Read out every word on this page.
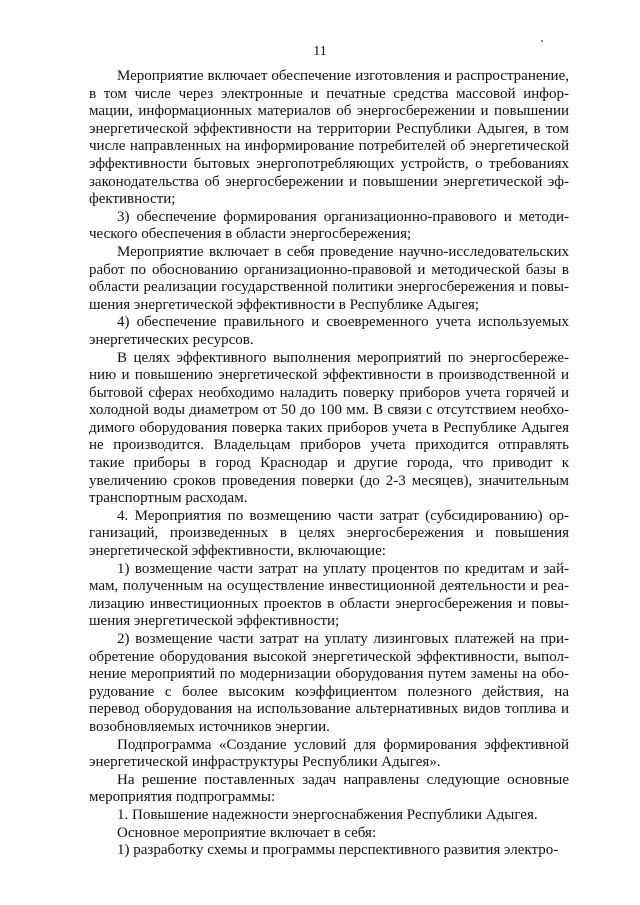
11

Мероприятие включает обеспечение изготовления и распространение, в том числе через электронные и печатные средства массовой информации, информационных материалов об энергосбережении и повышении энергетической эффективности на территории Республики Адыгея, в том числе направленных на информирование потребителей об энергетической эффективности бытовых энергопотребляющих устройств, о требованиях законодательства об энергосбережении и повышении энергетической эффективности;

3) обеспечение формирования организационно-правового и методического обеспечения в области энергосбережения;

Мероприятие включает в себя проведение научно-исследовательских работ по обоснованию организационно-правовой и методической базы в области реализации государственной политики энергосбережения и повышения энергетической эффективности в Республике Адыгея;

4) обеспечение правильного и своевременного учета используемых энергетических ресурсов.

В целях эффективного выполнения мероприятий по энергосбережению и повышению энергетической эффективности в производственной и бытовой сферах необходимо наладить поверку приборов учета горячей и холодной воды диаметром от 50 до 100 мм. В связи с отсутствием необходимого оборудования поверка таких приборов учета в Республике Адыгея не производится. Владельцам приборов учета приходится отправлять такие приборы в город Краснодар и другие города, что приводит к увеличению сроков проведения поверки (до 2-3 месяцев), значительным транспортным расходам.

4. Мероприятия по возмещению части затрат (субсидированию) организаций, произведенных в целях энергосбережения и повышения энергетической эффективности, включающие:

1) возмещение части затрат на уплату процентов по кредитам и займам, полученным на осуществление инвестиционной деятельности и реализацию инвестиционных проектов в области энергосбережения и повышения энергетической эффективности;

2) возмещение части затрат на уплату лизинговых платежей на приобретение оборудования высокой энергетической эффективности, выполнение мероприятий по модернизации оборудования путем замены на оборудование с более высоким коэффициентом полезного действия, на перевод оборудования на использование альтернативных видов топлива и возобновляемых источников энергии.

Подпрограмма «Создание условий для формирования эффективной энергетической инфраструктуры Республики Адыгея».

На решение поставленных задач направлены следующие основные мероприятия подпрограммы:

1. Повышение надежности энергоснабжения Республики Адыгея.

Основное мероприятие включает в себя:

1) разработку схемы и программы перспективного развития электро-
